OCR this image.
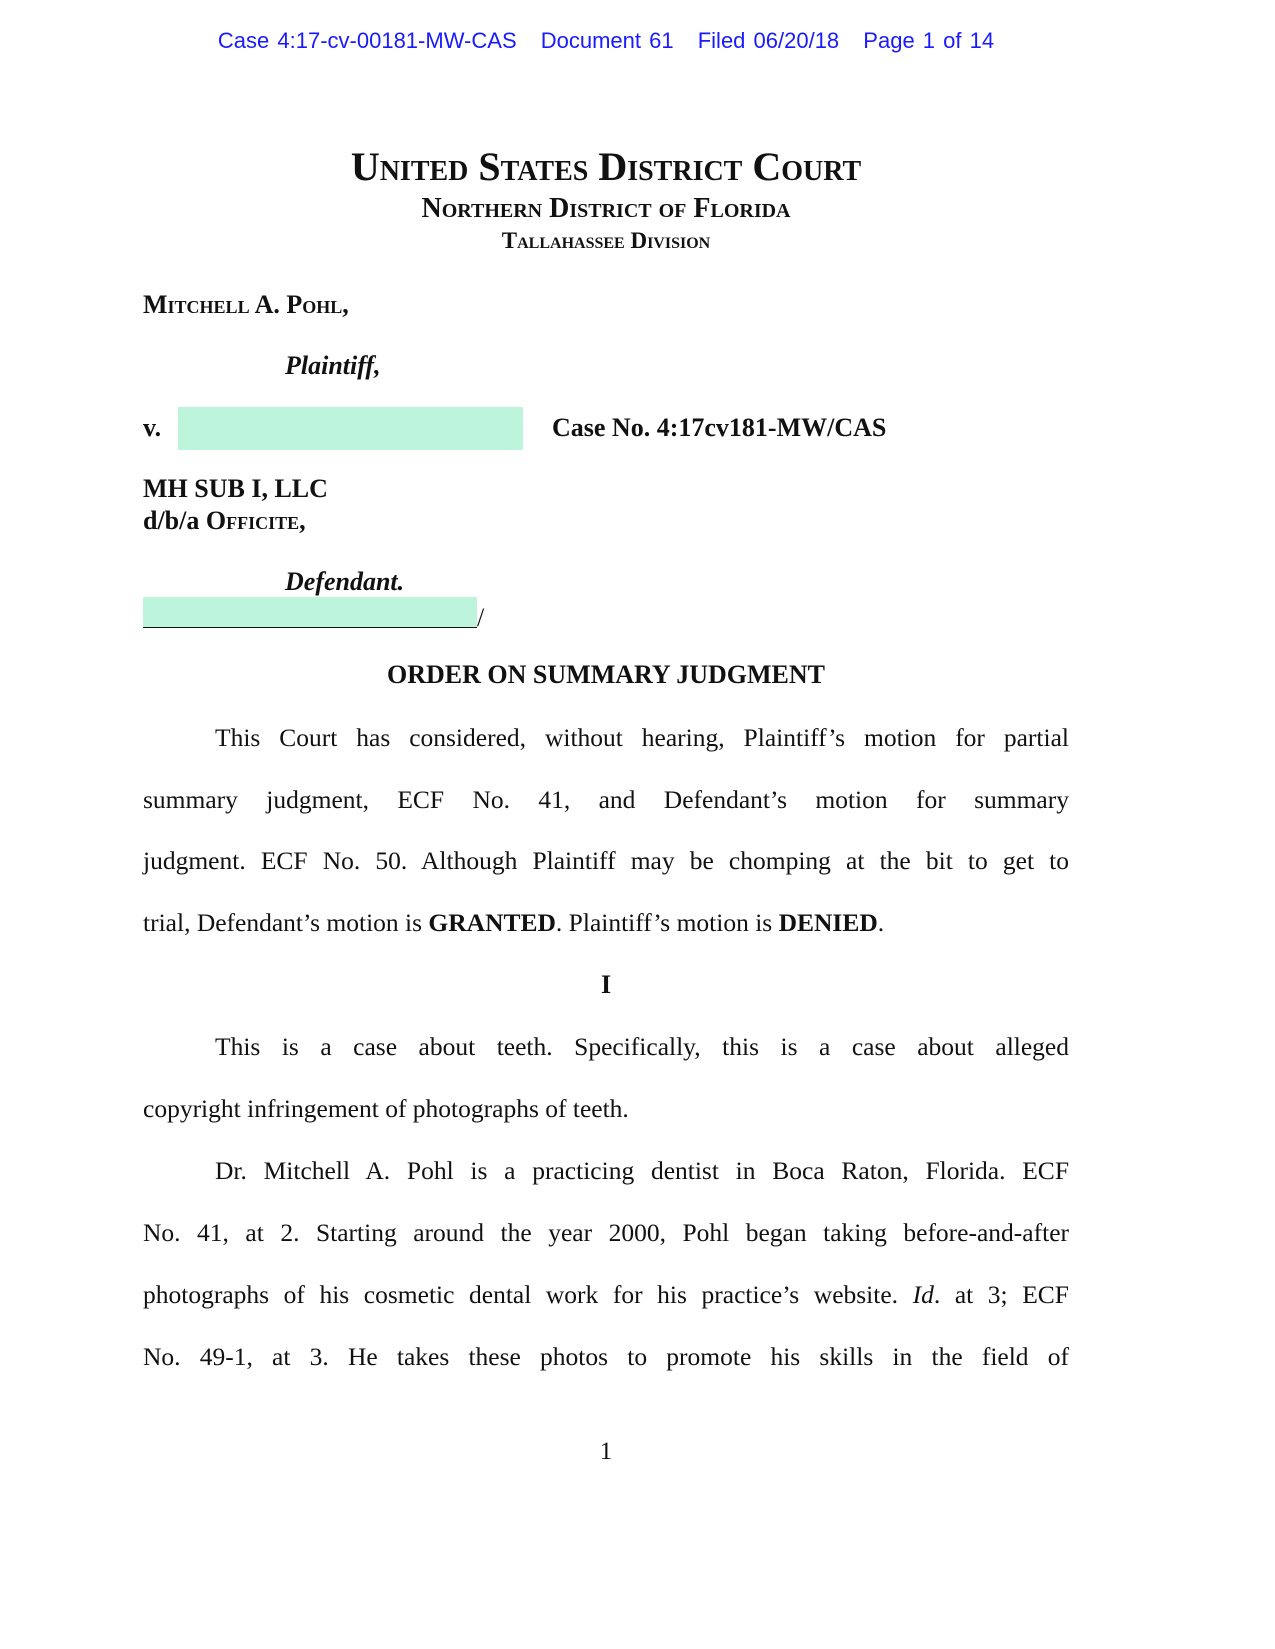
Case 4:17-cv-00181-MW-CAS Document 61 Filed 06/20/18 Page 1 of 14
United States District Court
Northern District of Florida
Tallahassee Division
Mitchell A. Pohl,
Plaintiff,
v.	Case No. 4:17cv181-MW/CAS
MH SUB I, LLC
d/b/a Officite,
Defendant.
/
ORDER ON SUMMARY JUDGMENT
This Court has considered, without hearing, Plaintiff’s motion for partial
summary judgment, ECF No. 41, and Defendant’s motion for summary
judgment. ECF No. 50. Although Plaintiff may be chomping at the bit to get to
trial, Defendant’s motion is GRANTED. Plaintiff’s motion is DENIED.
I
This is a case about teeth. Specifically, this is a case about alleged
copyright infringement of photographs of teeth.
Dr. Mitchell A. Pohl is a practicing dentist in Boca Raton, Florida. ECF
No. 41, at 2. Starting around the year 2000, Pohl began taking before-and-after
photographs of his cosmetic dental work for his practice’s website. Id. at 3; ECF
No. 49-1, at 3. He takes these photos to promote his skills in the field of
1
